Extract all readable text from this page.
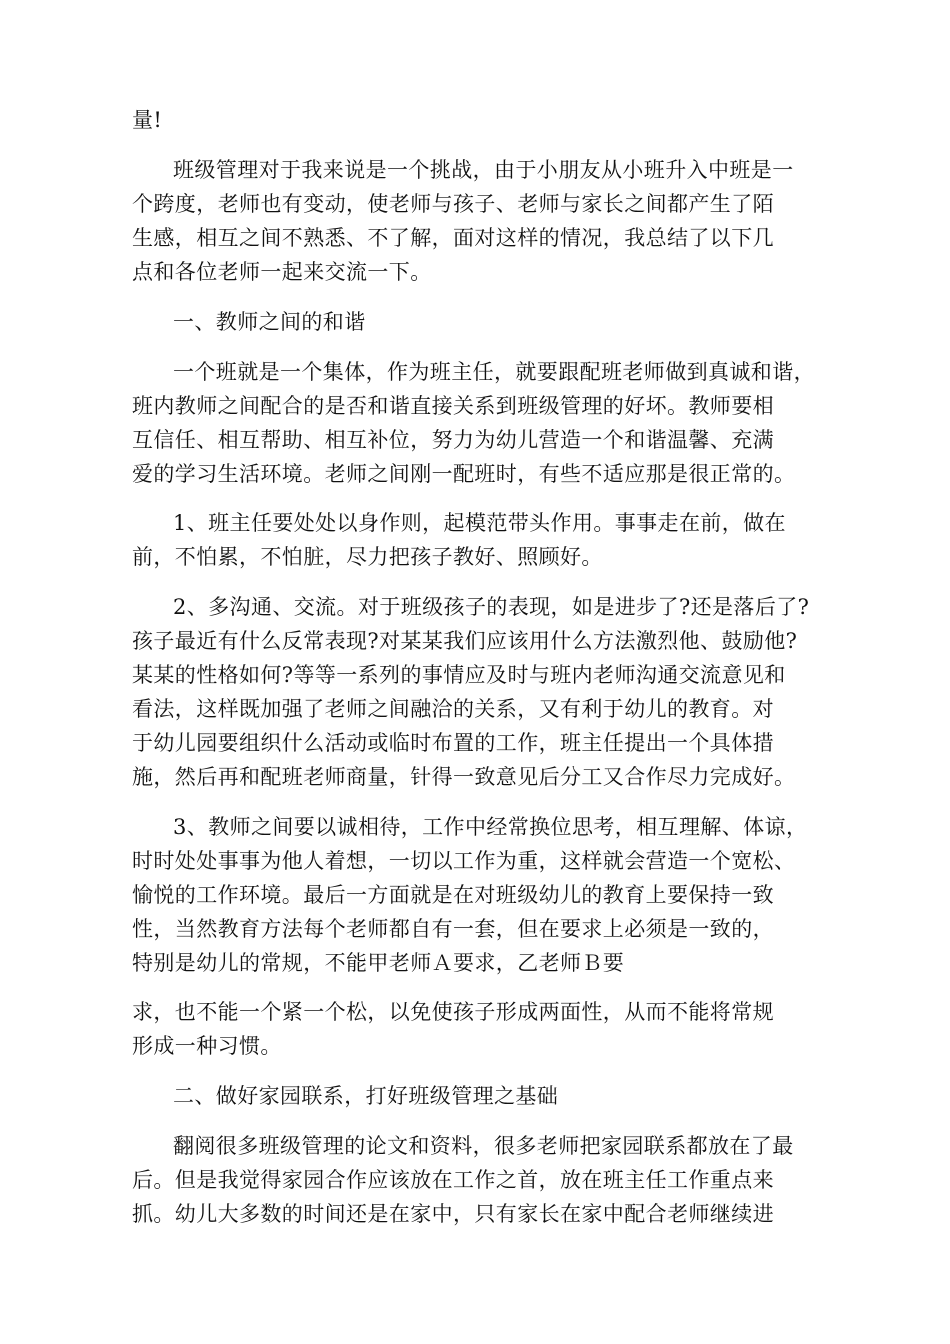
量!
班级管理对于我来说是一个挑战，由于小朋友从小班升入中班是一
个跨度，老师也有变动，使老师与孩子、老师与家长之间都产生了陌
生感，相互之间不熟悉、不了解，面对这样的情况，我总结了以下几
点和各位老师一起来交流一下。
一、教师之间的和谐
一个班就是一个集体，作为班主任，就要跟配班老师做到真诚和谐，
班内教师之间配合的是否和谐直接关系到班级管理的好坏。教师要相
互信任、相互帮助、相互补位，努力为幼儿营造一个和谐温馨、充满
爱的学习生活环境。老师之间刚一配班时，有些不适应那是很正常的。
1、班主任要处处以身作则，起模范带头作用。事事走在前，做在
前，不怕累，不怕脏，尽力把孩子教好、照顾好。
2、多沟通、交流。对于班级孩子的表现，如是进步了?还是落后了?
孩子最近有什么反常表现?对某某我们应该用什么方法激烈他、鼓励他?
某某的性格如何?等等一系列的事情应及时与班内老师沟通交流意见和
看法，这样既加强了老师之间融洽的关系，又有利于幼儿的教育。对
于幼儿园要组织什么活动或临时布置的工作，班主任提出一个具体措
施，然后再和配班老师商量，针得一致意见后分工又合作尽力完成好。
3、教师之间要以诚相待，工作中经常换位思考，相互理解、体谅，
时时处处事事为他人着想，一切以工作为重，这样就会营造一个宽松、
愉悦的工作环境。最后一方面就是在对班级幼儿的教育上要保持一致
性，当然教育方法每个老师都自有一套，但在要求上必须是一致的，
特别是幼儿的常规，不能甲老师Ａ要求，乙老师Ｂ要
求，也不能一个紧一个松，以免使孩子形成两面性，从而不能将常规
形成一种习惯。
二、做好家园联系，打好班级管理之基础
翻阅很多班级管理的论文和资料，很多老师把家园联系都放在了最
后。但是我觉得家园合作应该放在工作之首，放在班主任工作重点来
抓。幼儿大多数的时间还是在家中，只有家长在家中配合老师继续进
